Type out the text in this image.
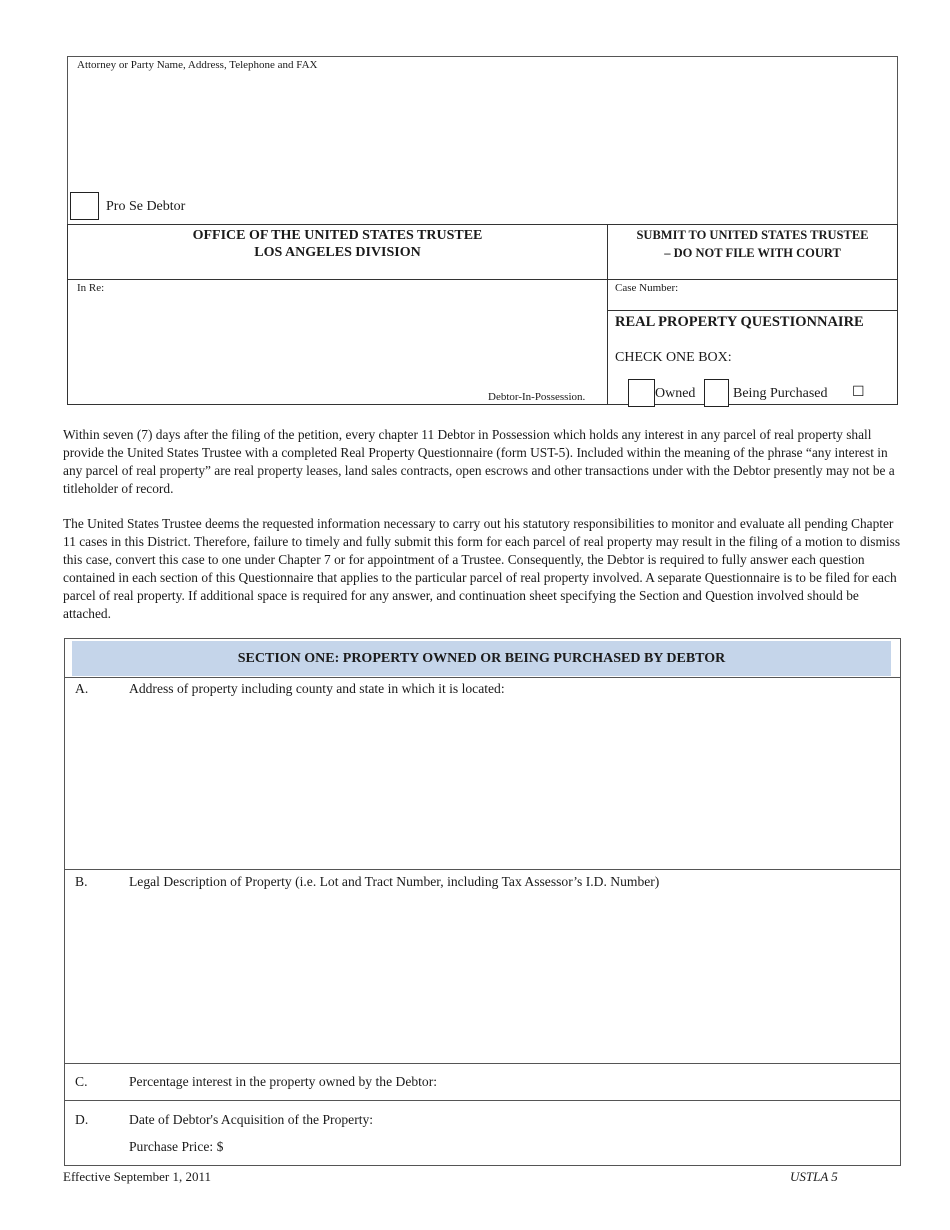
Attorney or Party Name, Address, Telephone and FAX
Pro Se Debtor
OFFICE OF THE UNITED STATES TRUSTEE
LOS ANGELES DIVISION
SUBMIT TO UNITED STATES TRUSTEE
– DO NOT FILE WITH COURT
In Re:
Debtor-In-Possession.
Case Number:
REAL PROPERTY QUESTIONNAIRE
CHECK ONE BOX:
Owned	Being Purchased ☐
Within seven (7) days after the filing of the petition, every chapter 11 Debtor in Possession which holds any interest in any parcel of real property shall provide the United States Trustee with a completed Real Property Questionnaire (form UST-5). Included within the meaning of the phrase “any interest in any parcel of real property” are real property leases, land sales contracts, open escrows and other transactions under with the Debtor presently may not be a titleholder of record.
The United States Trustee deems the requested information necessary to carry out his statutory responsibilities to monitor and evaluate all pending Chapter 11 cases in this District. Therefore, failure to timely and fully submit this form for each parcel of real property may result in the filing of a motion to dismiss this case, convert this case to one under Chapter 7 or for appointment of a Trustee. Consequently, the Debtor is required to fully answer each question contained in each section of this Questionnaire that applies to the particular parcel of real property involved. A separate Questionnaire is to be filed for each parcel of real property. If additional space is required for any answer, and continuation sheet specifying the Section and Question involved should be attached.
SECTION ONE: PROPERTY OWNED OR BEING PURCHASED BY DEBTOR
A.	Address of property including county and state in which it is located:
B.	Legal Description of Property (i.e. Lot and Tract Number, including Tax Assessor’s I.D. Number)
C.	Percentage interest in the property owned by the Debtor:
D.	Date of Debtor's Acquisition of the Property:
Purchase Price: $
Effective September 1, 2011	USTLA 5
